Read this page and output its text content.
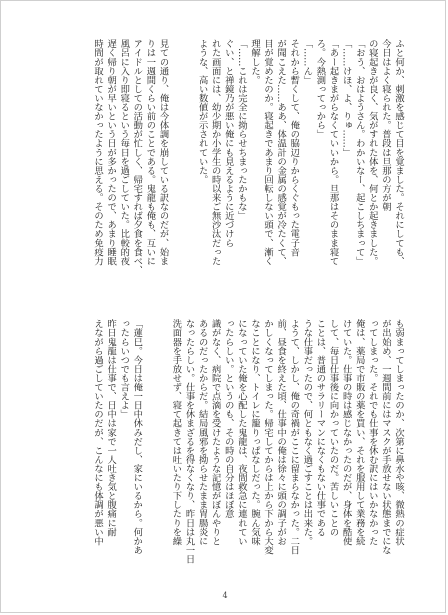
ふと何か、刺激を感じて目を覚ました。それにしても、

今日はよく寝られた。普段は旦那の方が朝

の寝起きが良く、気がすれた体を、何とか起きました。

「おう、おはようさん。わかいなー、起こしちまって」

「……けほ、よ、りゅ……」

「あー起きまがらなくていいから。旦那はそのまま寝て

ろ。今熱測ってっから」

「……ん」

それから暫くして、俺の脇辺りからくぐもった電子音

が聞こえた……ああ、体温計の金属の感覚が冷たくて、

目が覚めたのか。寝起きであまり回転しない頭で、漸く

理解した。

「……これは完全に拗らせちまったかもな」

ぐい、と禅鏡乃が悪い俺にも見えるように近づけら

れた画面には、幼少期か小学生の時以来ご無沙汰だった

ような、高い数値が示されていた。

見ての通り、俺は今体調を崩している訳なのだが、始ま

りは一週間くらい前のことである。鬼龍も俺も、互いに

アイドルとしての活動が忙しく、帰宅すれば夕食を食べ、

風呂に入り即寝るという毎日を過ごしていた。比較的夜

遅く帰り朝が早いという日が多かったので、あまり睡眠

時間が取れていなかったように思える。そのため免疫力

も弱まってしまったのか、次第に鼻水や咳、微熱の症状

が出始め、一週間前にはマスクが手放せない状態までにな

ってしまった。それでも仕事を休む訳にはいかなかった

俺は、薬局で市販の薬を買い、それを服用して業務を続

けていた。仕事の時は感じなかったのだが、身体を酷使

して、毎日仕事後に向かっていたのだ。苦しいことの

ことは、普通のサラリーマンになくもない仕事である

うな仕事だったので、何ともなく過ごすことは出来た。

ようて、しかし、俺の奇禍がここに留まらなかった。二日

前、昼食を終えた頃、仕事中の俺は徐々に頭の調子がお

かしくなってしまった。帰宅してからは上から下から大変

なことになり、トイレに籠りっぱなしだった。腕ん気味

になっていた俺を心配した鬼龍は、夜間救急に連れてい

ったらしい。というのも、その時の自分はほぼ意

識がなく、病院で点滴を受けたような記憶がぼんやりと

あるのだったからだ。結局風邪を拗らせたまま胃腸炎に

なったらしい。仕事を休まざるを得なくなり、昨日は丸一日

洗面器を手放せず、寝て起きては吐いたり下したりを繰

「蓮巳。今日は俺一日中休みだし、家にいるから。何かあ

ったらいつでも言えよ」

昨日鬼龍は仕事で、日中は家で一人吐き気と腹痛に耐

えながら過ごしていたのだが、こんなにも体調が悪い中

4
